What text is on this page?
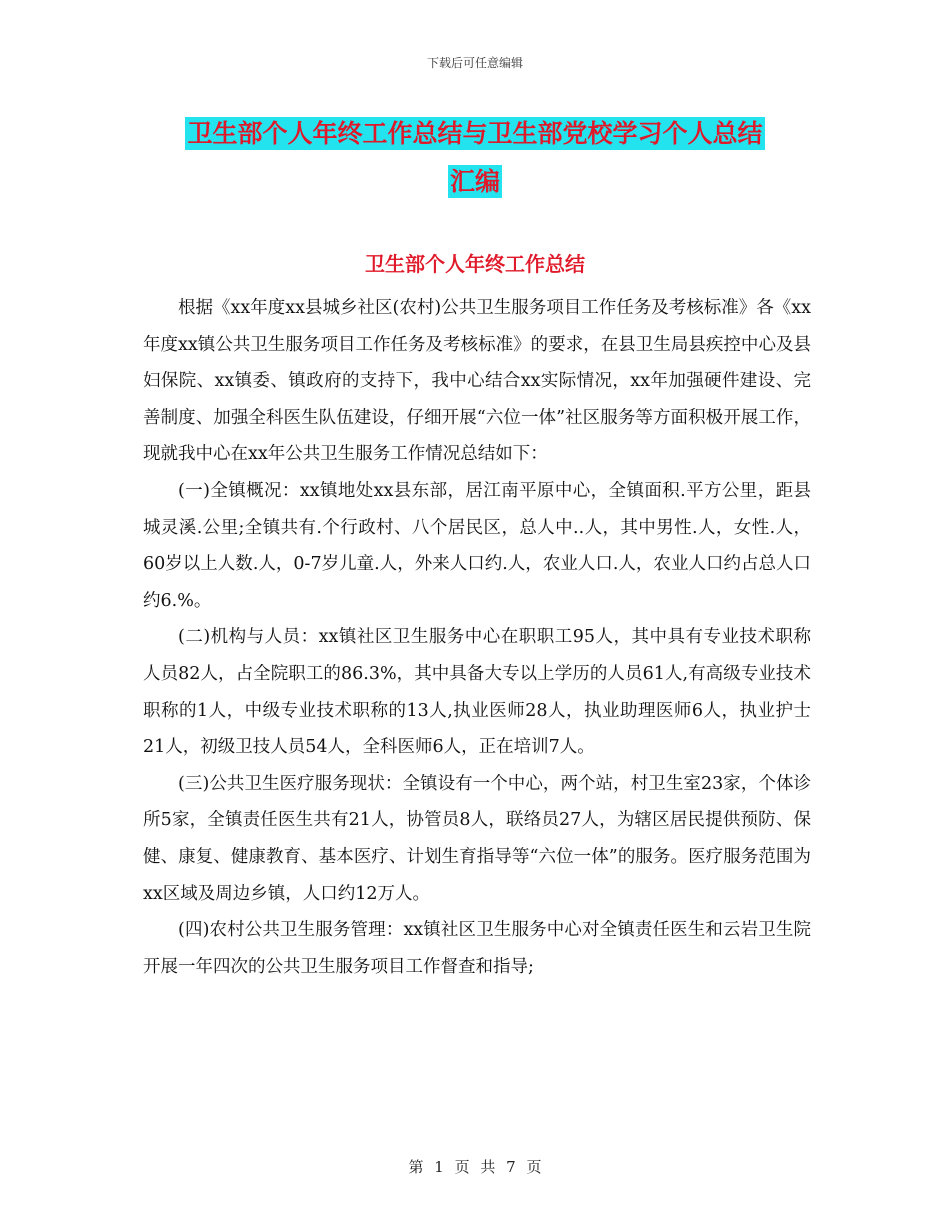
下载后可任意编辑
卫生部个人年终工作总结与卫生部党校学习个人总结
汇编
卫生部个人年终工作总结

根据《xx年度xx县城乡社区(农村)公共卫生服务项目工作任务及考核标准》各《xx年度xx镇公共卫生服务项目工作任务及考核标准》的要求，在县卫生局县疾控中心及县妇保院、xx镇委、镇政府的支持下，我中心结合xx实际情况，xx年加强硬件建设、完善制度、加强全科医生队伍建设，仔细开展“六位一体”社区服务等方面积极开展工作，现就我中心在xx年公共卫生服务工作情况总结如下：

(一)全镇概况：xx镇地处xx县东部，居江南平原中心，全镇面积.平方公里，距县城灵溪.公里;全镇共有.个行政村、八个居民区，总人中..人，其中男性.人，女性.人，60岁以上人数.人，0-7岁儿童.人，外来人口约.人，农业人口.人，农业人口约占总人口约6.%。

(二)机构与人员：xx镇社区卫生服务中心在职职工95人，其中具有专业技术职称人员82人，占全院职工的86.3%，其中具备大专以上学历的人员61人,有高级专业技术职称的1人，中级专业技术职称的13人,执业医师28人，执业助理医师6人，执业护士21人，初级卫技人员54人，全科医师6人，正在培训7人。

(三)公共卫生医疗服务现状：全镇设有一个中心，两个站，村卫生室23家，个体诊所5家，全镇责任医生共有21人，协管员8人，联络员27人，为辖区居民提供预防、保健、康复、健康教育、基本医疗、计划生育指导等“六位一体”的服务。医疗服务范围为xx区域及周边乡镇，人口约12万人。

(四)农村公共卫生服务管理：xx镇社区卫生服务中心对全镇责任医生和云岩卫生院开展一年四次的公共卫生服务项目工作督查和指导;

第 1 页 共 7 页
